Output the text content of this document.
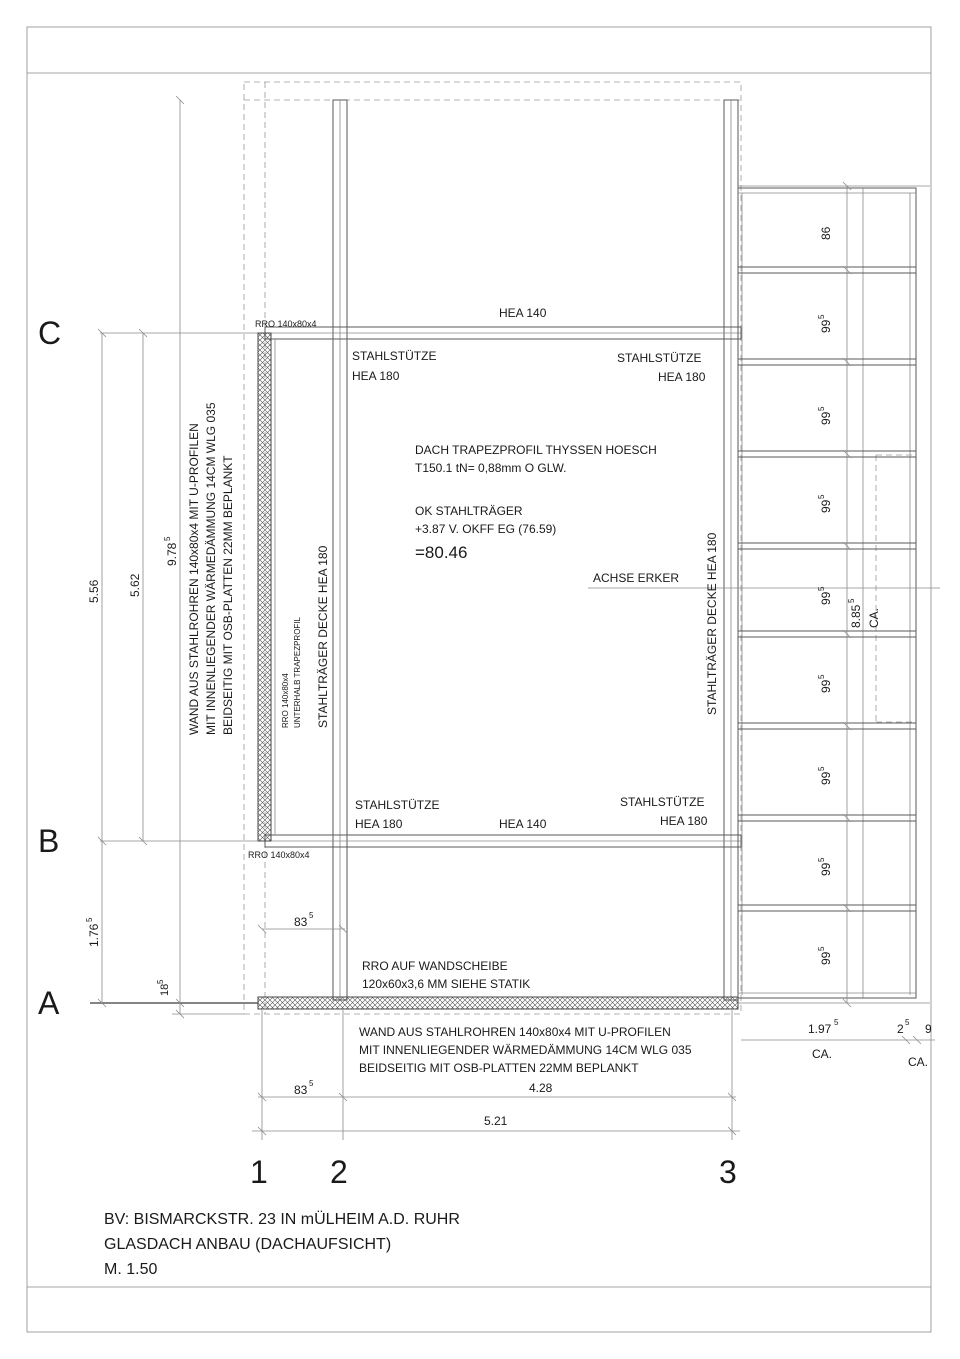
C
B
A
1 2	3
HEA 140
HEA 140
RRO 140x80x4
RRO 140x80x4
STAHLSTÜTZE
HEA 180
STAHLSTÜTZE
HEA 180
STAHLSTÜTZE
HEA 180
STAHLSTÜTZE
HEA 180
STAHLTRÄGER DECKE HEA 180	STAHLTRÄGER DECKE HEA 180
RRO 140x80x4 UNTERHALB TRAPEZPROFIL
WAND AUS STAHLROHREN 140x80x4 MIT U-PROFILEN MIT INNENLIEGENDER WÄRMEDÄMMUNG 14CM WLG 035 BEIDSEITIG MIT OSB-PLATTEN 22MM BEPLANKT
DACH TRAPEZPROFIL THYSSEN HOESCH
T150.1 tN= 0,88mm O GLW.
OK STAHLTRÄGER
+3.87 V. OKFF EG (76.59)
=80.46
ACHSE ERKER
RRO AUF WANDSCHEIBE
120x60x3,6 MM SIEHE STATIK
WAND AUS STAHLROHREN 140x80x4 MIT U-PROFILEN
MIT INNENLIEGENDER WÄRMEDÄMMUNG 14CM WLG 035
BEIDSEITIG MIT OSB-PLATTEN 22MM BEPLANKT
5.56 5.62
9.78
5
1.76
5
18
5
83 5
83 5	4.28
5.21
99
5
99
5
99
5
99
5
99
5
99
5
99
5
99
5
86
8.85
5
CA.
1.97 5
CA.
2 5 9
CA.
BV: BISMARCKSTR. 23 IN mÜLHEIM A.D. RUHR
GLASDACH ANBAU (DACHAUFSICHT)
M. 1.50
